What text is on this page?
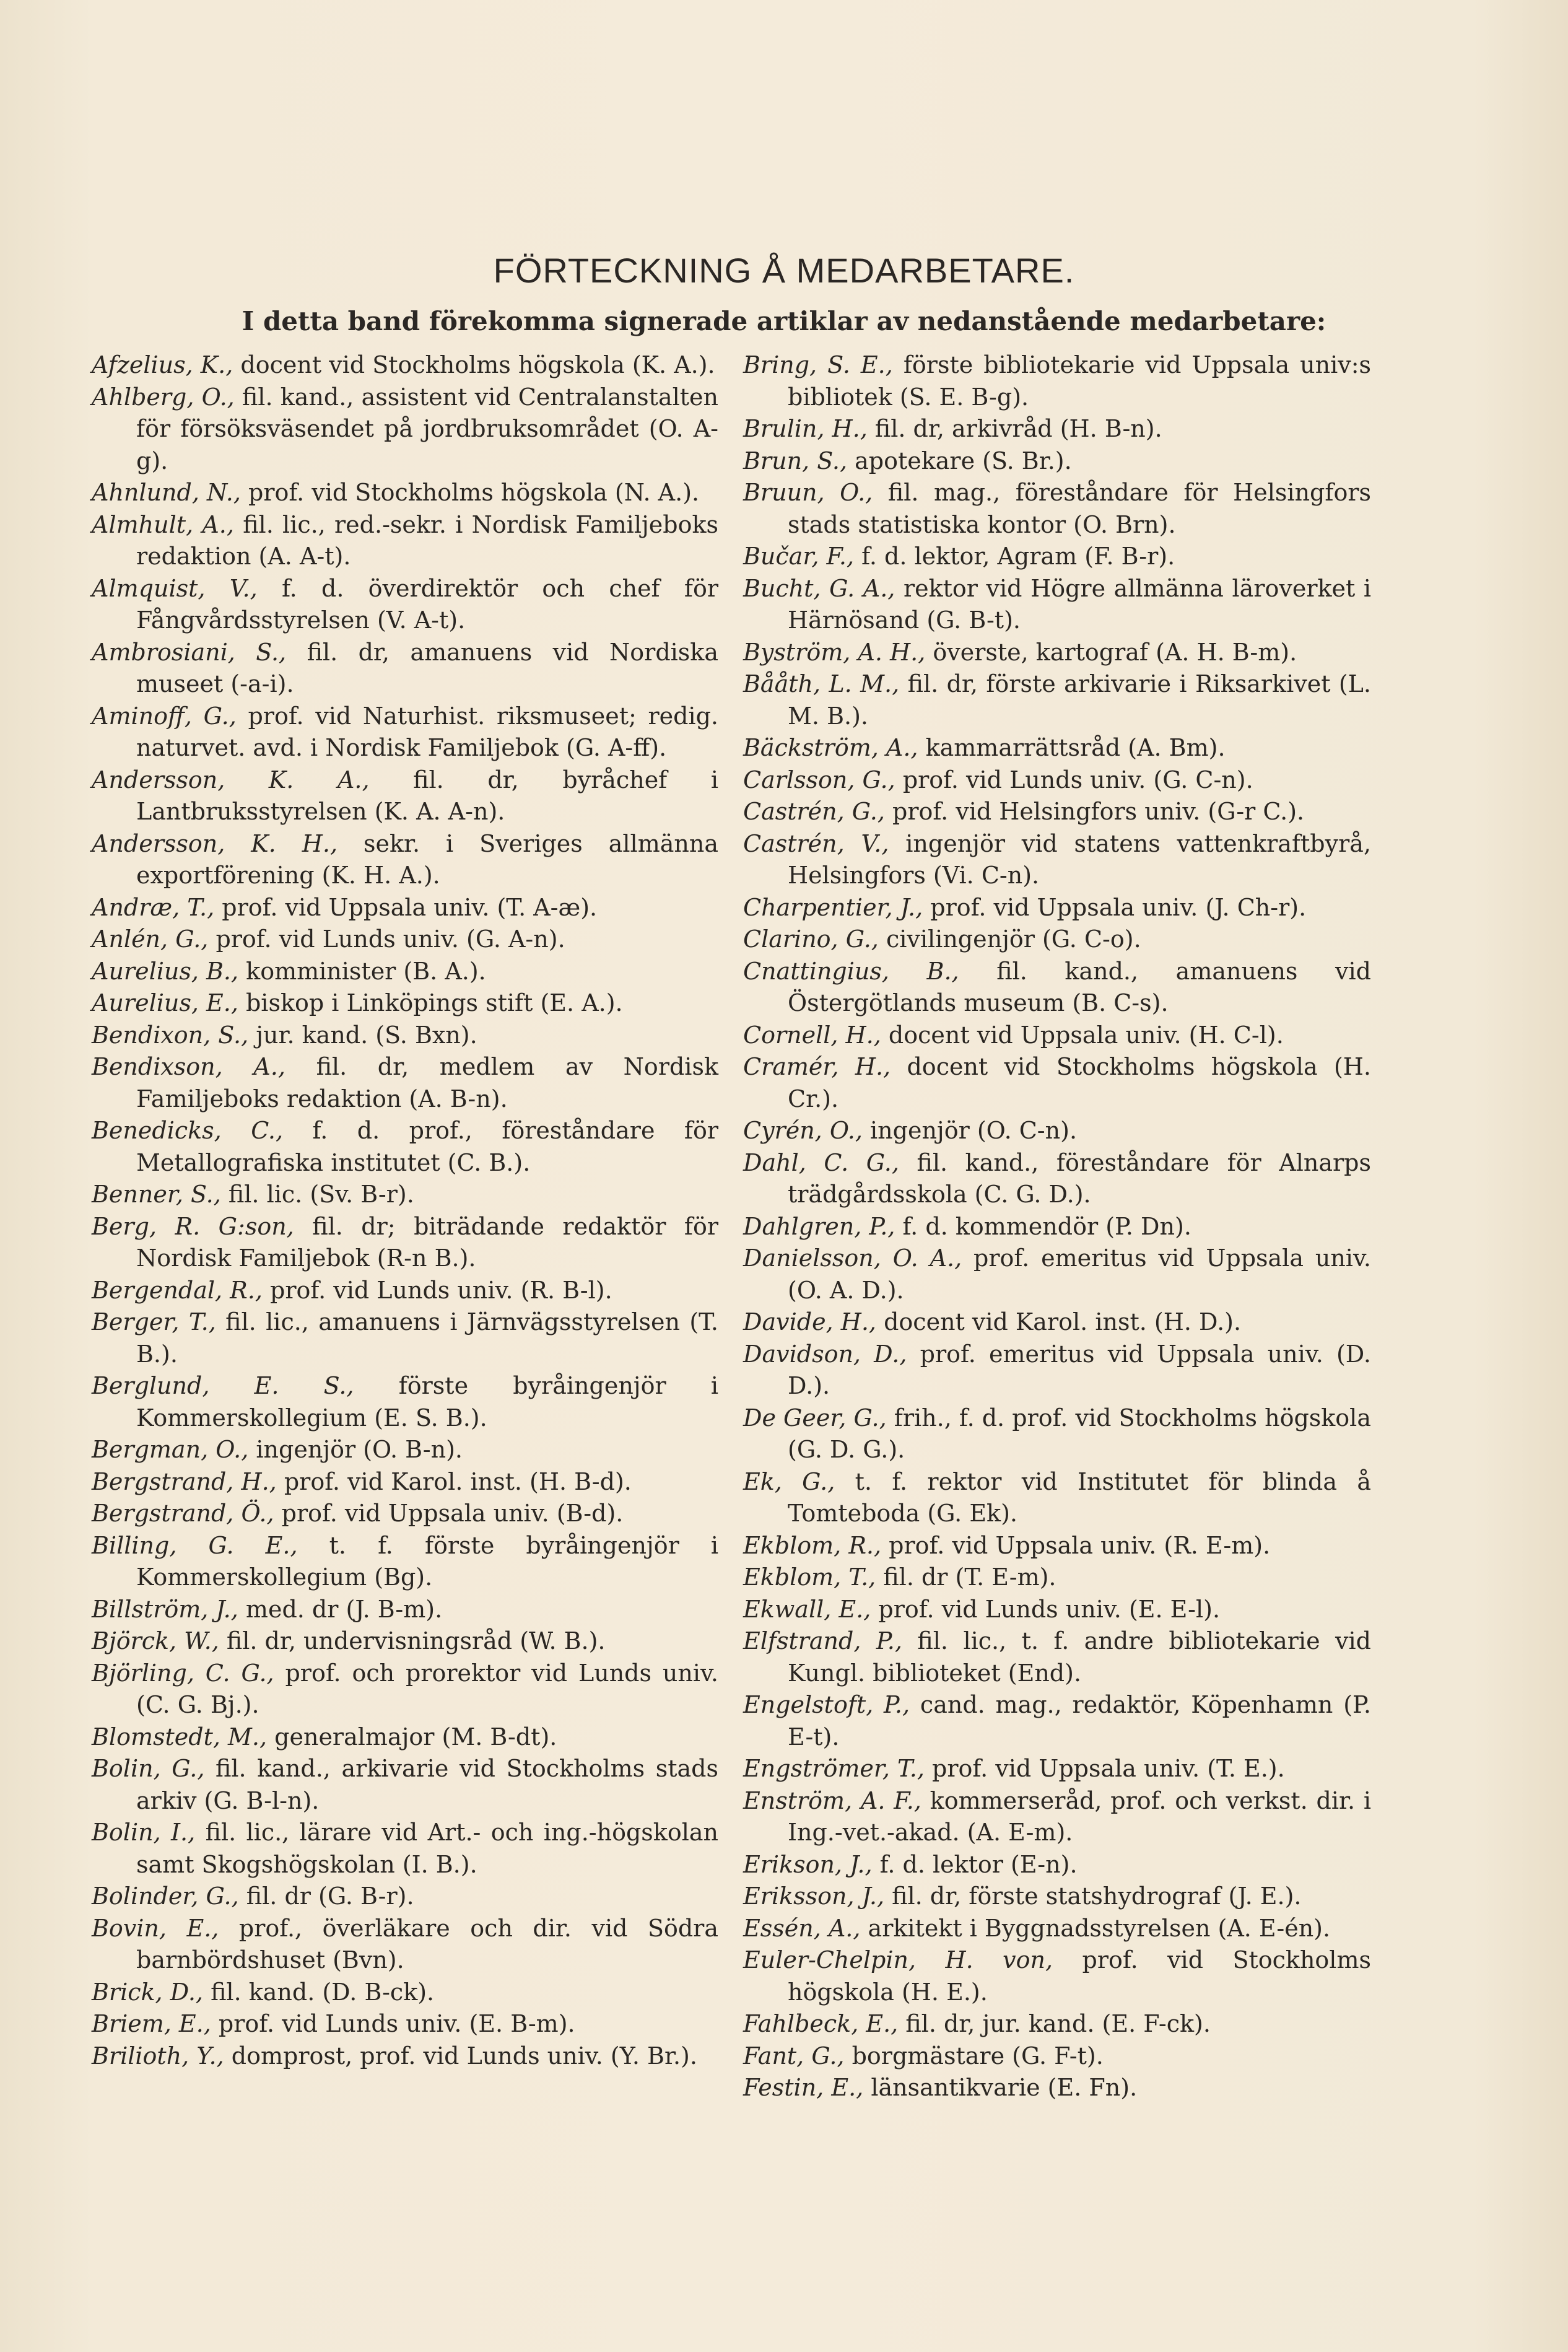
FÖRTECKNING Å MEDARBETARE.
I detta band förekomma signerade artiklar av nedanstående medarbetare:
Afzelius, K., docent vid Stockholms högskola (K. A.).
Ahlberg, O., fil. kand., assistent vid Centralanstalten för försöksväsendet på jordbruksområdet (O. A-g).
Ahnlund, N., prof. vid Stockholms högskola (N. A.).
Almhult, A., fil. lic., red.-sekr. i Nordisk Familjeboks redaktion (A. A-t).
Almquist, V., f. d. överdirektör och chef för Fångvårdsstyrelsen (V. A-t).
Ambrosiani, S., fil. dr, amanuens vid Nordiska museet (-a-i).
Aminoff, G., prof. vid Naturhist. riksmuseet; redig. naturvet. avd. i Nordisk Familjebok (G. A-ff).
Andersson, K. A., fil. dr, byråchef i Lantbruksstyrelsen (K. A. A-n).
Andersson, K. H., sekr. i Sveriges allmänna exportförening (K. H. A.).
Andræ, T., prof. vid Uppsala univ. (T. A-æ).
Anlén, G., prof. vid Lunds univ. (G. A-n).
Aurelius, B., komminister (B. A.).
Aurelius, E., biskop i Linköpings stift (E. A.).
Bendixon, S., jur. kand. (S. Bxn).
Bendixson, A., fil. dr, medlem av Nordisk Familjeboks redaktion (A. B-n).
Benedicks, C., f. d. prof., föreståndare för Metallografiska institutet (C. B.).
Benner, S., fil. lic. (Sv. B-r).
Berg, R. G:son, fil. dr; biträdande redaktör för Nordisk Familjebok (R-n B.).
Bergendal, R., prof. vid Lunds univ. (R. B-l).
Berger, T., fil. lic., amanuens i Järnvägsstyrelsen (T. B.).
Berglund, E. S., förste byråingenjör i Kommerskollegium (E. S. B.).
Bergman, O., ingenjör (O. B-n).
Bergstrand, H., prof. vid Karol. inst. (H. B-d).
Bergstrand, Ö., prof. vid Uppsala univ. (B-d).
Billing, G. E., t. f. förste byråingenjör i Kommerskollegium (Bg).
Billström, J., med. dr (J. B-m).
Björck, W., fil. dr, undervisningsråd (W. B.).
Björling, C. G., prof. och prorektor vid Lunds univ. (C. G. Bj.).
Blomstedt, M., generalmajor (M. B-dt).
Bolin, G., fil. kand., arkivarie vid Stockholms stads arkiv (G. B-l-n).
Bolin, I., fil. lic., lärare vid Art.- och ing.-högskolan samt Skogshögskolan (I. B.).
Bolinder, G., fil. dr (G. B-r).
Bovin, E., prof., överläkare och dir. vid Södra barnbördshuset (Bvn).
Brick, D., fil. kand. (D. B-ck).
Briem, E., prof. vid Lunds univ. (E. B-m).
Brilioth, Y., domprost, prof. vid Lunds univ. (Y. Br.).
Bring, S. E., förste bibliotekarie vid Uppsala univ:s bibliotek (S. E. B-g).
Brulin, H., fil. dr, arkivråd (H. B-n).
Brun, S., apotekare (S. Br.).
Bruun, O., fil. mag., föreståndare för Helsingfors stads statistiska kontor (O. Brn).
Bučar, F., f. d. lektor, Agram (F. B-r).
Bucht, G. A., rektor vid Högre allmänna läroverket i Härnösand (G. B-t).
Byström, A. H., överste, kartograf (A. H. B-m).
Bååth, L. M., fil. dr, förste arkivarie i Riksarkivet (L. M. B.).
Bäckström, A., kammarrättsråd (A. Bm).
Carlsson, G., prof. vid Lunds univ. (G. C-n).
Castrén, G., prof. vid Helsingfors univ. (G-r C.).
Castrén, V., ingenjör vid statens vattenkraftbyrå, Helsingfors (Vi. C-n).
Charpentier, J., prof. vid Uppsala univ. (J. Ch-r).
Clarino, G., civilingenjör (G. C-o).
Cnattingius, B., fil. kand., amanuens vid Östergötlands museum (B. C-s).
Cornell, H., docent vid Uppsala univ. (H. C-l).
Cramér, H., docent vid Stockholms högskola (H. Cr.).
Cyrén, O., ingenjör (O. C-n).
Dahl, C. G., fil. kand., föreståndare för Alnarps trädgårdsskola (C. G. D.).
Dahlgren, P., f. d. kommendör (P. Dn).
Danielsson, O. A., prof. emeritus vid Uppsala univ. (O. A. D.).
Davide, H., docent vid Karol. inst. (H. D.).
Davidson, D., prof. emeritus vid Uppsala univ. (D. D.).
De Geer, G., frih., f. d. prof. vid Stockholms högskola (G. D. G.).
Ek, G., t. f. rektor vid Institutet för blinda å Tomteboda (G. Ek).
Ekblom, R., prof. vid Uppsala univ. (R. E-m).
Ekblom, T., fil. dr (T. E-m).
Ekwall, E., prof. vid Lunds univ. (E. E-l).
Elfstrand, P., fil. lic., t. f. andre bibliotekarie vid Kungl. biblioteket (End).
Engelstoft, P., cand. mag., redaktör, Köpenhamn (P. E-t).
Engströmer, T., prof. vid Uppsala univ. (T. E.).
Enström, A. F., kommerseråd, prof. och verkst. dir. i Ing.-vet.-akad. (A. E-m).
Erikson, J., f. d. lektor (E-n).
Eriksson, J., fil. dr, förste statshydrograf (J. E.).
Essén, A., arkitekt i Byggnadsstyrelsen (A. E-én).
Euler-Chelpin, H. von, prof. vid Stockholms högskola (H. E.).
Fahlbeck, E., fil. dr, jur. kand. (E. F-ck).
Fant, G., borgmästare (G. F-t).
Festin, E., länsantikvarie (E. Fn).
